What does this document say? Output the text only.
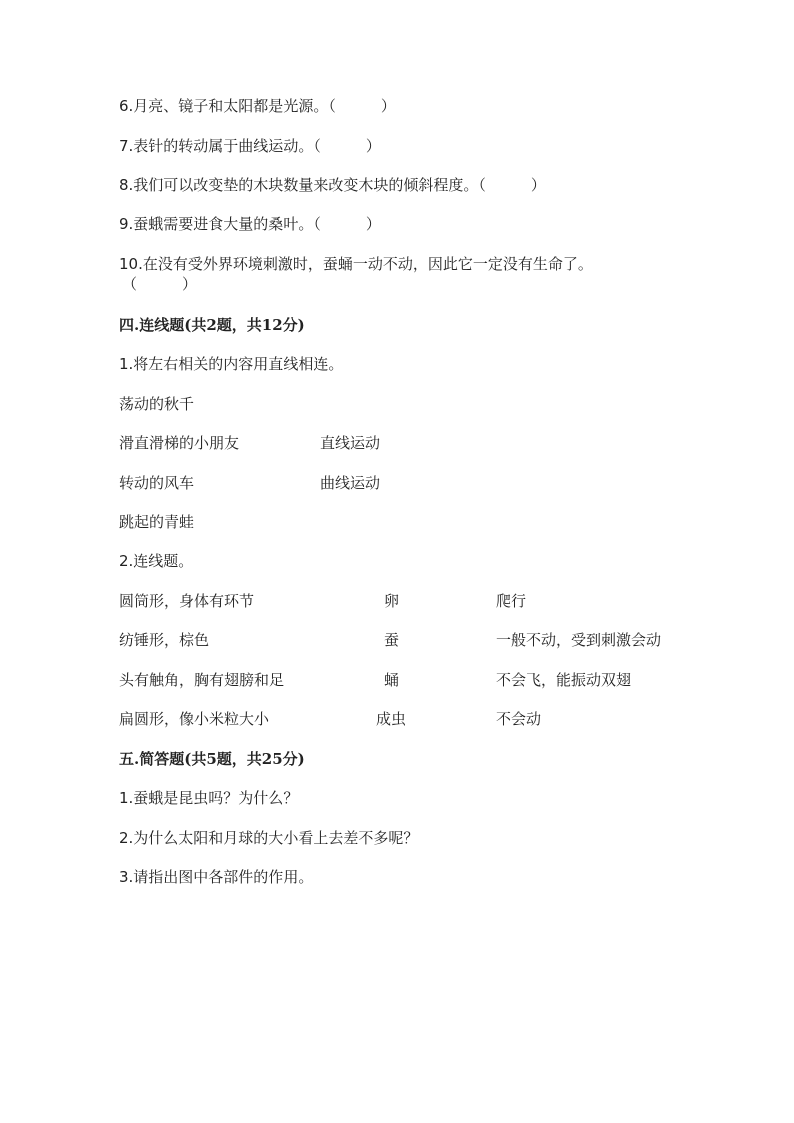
6.月亮、镜子和太阳都是光源。（　　　）
7.表针的转动属于曲线运动。（　　　）
8.我们可以改变垫的木块数量来改变木块的倾斜程度。（　　　）
9.蚕蛾需要进食大量的桑叶。（　　　）
10.在没有受外界环境刺激时，蚕蛹一动不动，因此它一定没有生命了。
（　　　）
四.连线题(共2题，共12分)
1.将左右相关的内容用直线相连。
荡动的秋千
滑直滑梯的小朋友	直线运动
转动的风车	曲线运动
跳起的青蛙
2.连线题。
圆筒形，身体有环节	卵	爬行
纺锤形，棕色	蚕	一般不动，受到刺激会动
头有触角，胸有翅膀和足	蛹	不会飞，能振动双翅
扁圆形，像小米粒大小	成虫	不会动
五.简答题(共5题，共25分)
1.蚕蛾是昆虫吗？为什么？
2.为什么太阳和月球的大小看上去差不多呢？
3.请指出图中各部件的作用。
